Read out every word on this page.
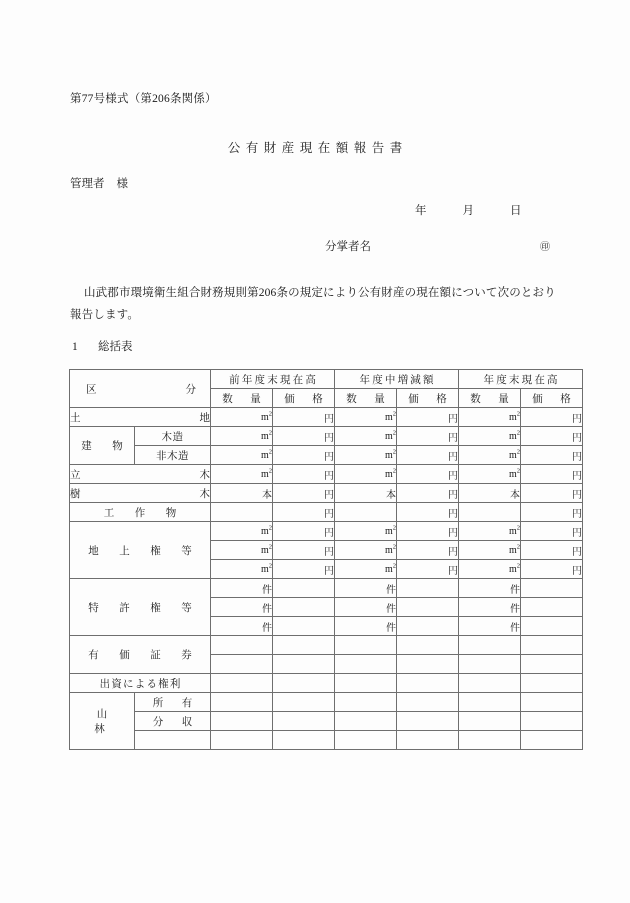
第77号様式（第206条関係）
公有財産現在額報告書
管理者 様
年	月	日
分掌者名	㊞
山武郡市環境衛生組合財務規則第206条の規定により公有財産の現在額について次のとおり報告します。
1 総括表
区 分		前年度末現在高		年度中増減額		年度末現在高	
		数　量	価　格	数　量	価　格	数　量	価　格

土 地		$m^2$	円	$m^2$	円	$m^2$	円
建　物	木造	$m^2$	円	$m^2$	円	$m^2$	円
	非木造	$m^2$	円	$m^2$	円	$m^2$	円

立 木		$m^2$	円	$m^2$	円	$m^2$	円

樹 木		本	円	本	円	本	円
工　作　物			円		円		円
地　上　権　等		$m^2$	円	$m^2$	円	$m^2$	円
		$m^2$	円	$m^2$	円	$m^2$	円
		$m^2$	円	$m^2$	円	$m^2$	円
特　許　権　等		件		件		件	
		件		件		件	
		件		件		件	
有　価　証　券							

出資による権利							
山　　林	所　有						
	分　収						
